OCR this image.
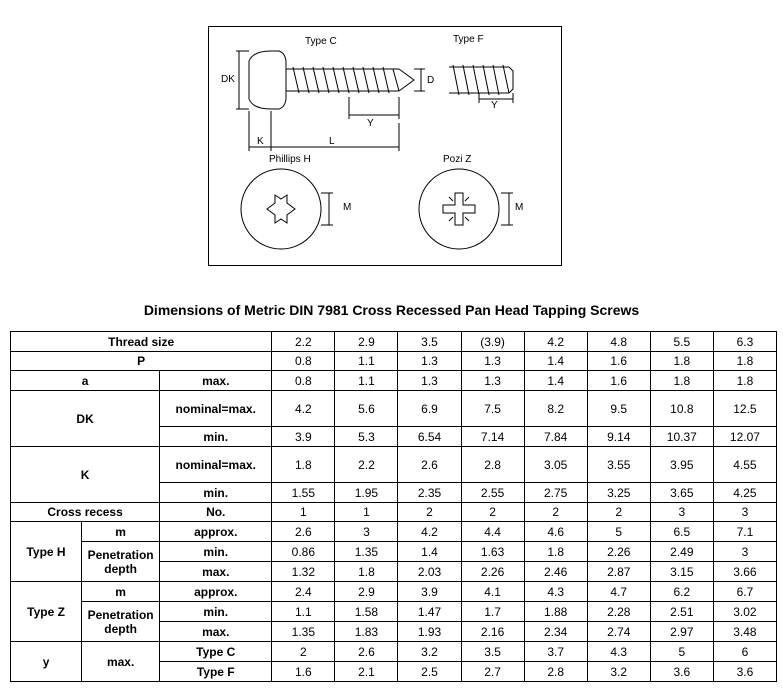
Type C	Type F
DK	D
Y
Y
K	L
Phillips H	Pozi Z
M	M
Dimensions of Metric DIN 7981 Cross Recessed Pan Head Tapping Screws
Thread size			2.2	2.9	3.5	(3.9)	4.2	4.8	5.5	6.3
P			0.8	1.1	1.3	1.3	1.4	1.6	1.8	1.8
a		max.	0.8	1.1	1.3	1.3	1.4	1.6	1.8	1.8
DK		nominal=max.	4.2	5.6	6.9	7.5	8.2	9.5	10.8	12.5
		min.	3.9	5.3	6.54	7.14	7.84	9.14	10.37	12.07
K		nominal=max.	1.8	2.2	2.6	2.8	3.05	3.55	3.95	4.55
		min.	1.55	1.95	2.35	2.55	2.75	3.25	3.65	4.25
Cross recess		No.	1	1	2	2	2	2	3	3
Type H	m	approx.	2.6	3	4.2	4.4	4.6	5	6.5	7.1
	Penetration depth	min.	0.86	1.35	1.4	1.63	1.8	2.26	2.49	3
		max.	1.32	1.8	2.03	2.26	2.46	2.87	3.15	3.66
Type Z	m	approx.	2.4	2.9	3.9	4.1	4.3	4.7	6.2	6.7
	Penetration depth	min.	1.1	1.58	1.47	1.7	1.88	2.28	2.51	3.02
		max.	1.35	1.83	1.93	2.16	2.34	2.74	2.97	3.48
y	max.	Type C	2	2.6	3.2	3.5	3.7	4.3	5	6
		Type F	1.6	2.1	2.5	2.7	2.8	3.2	3.6	3.6
